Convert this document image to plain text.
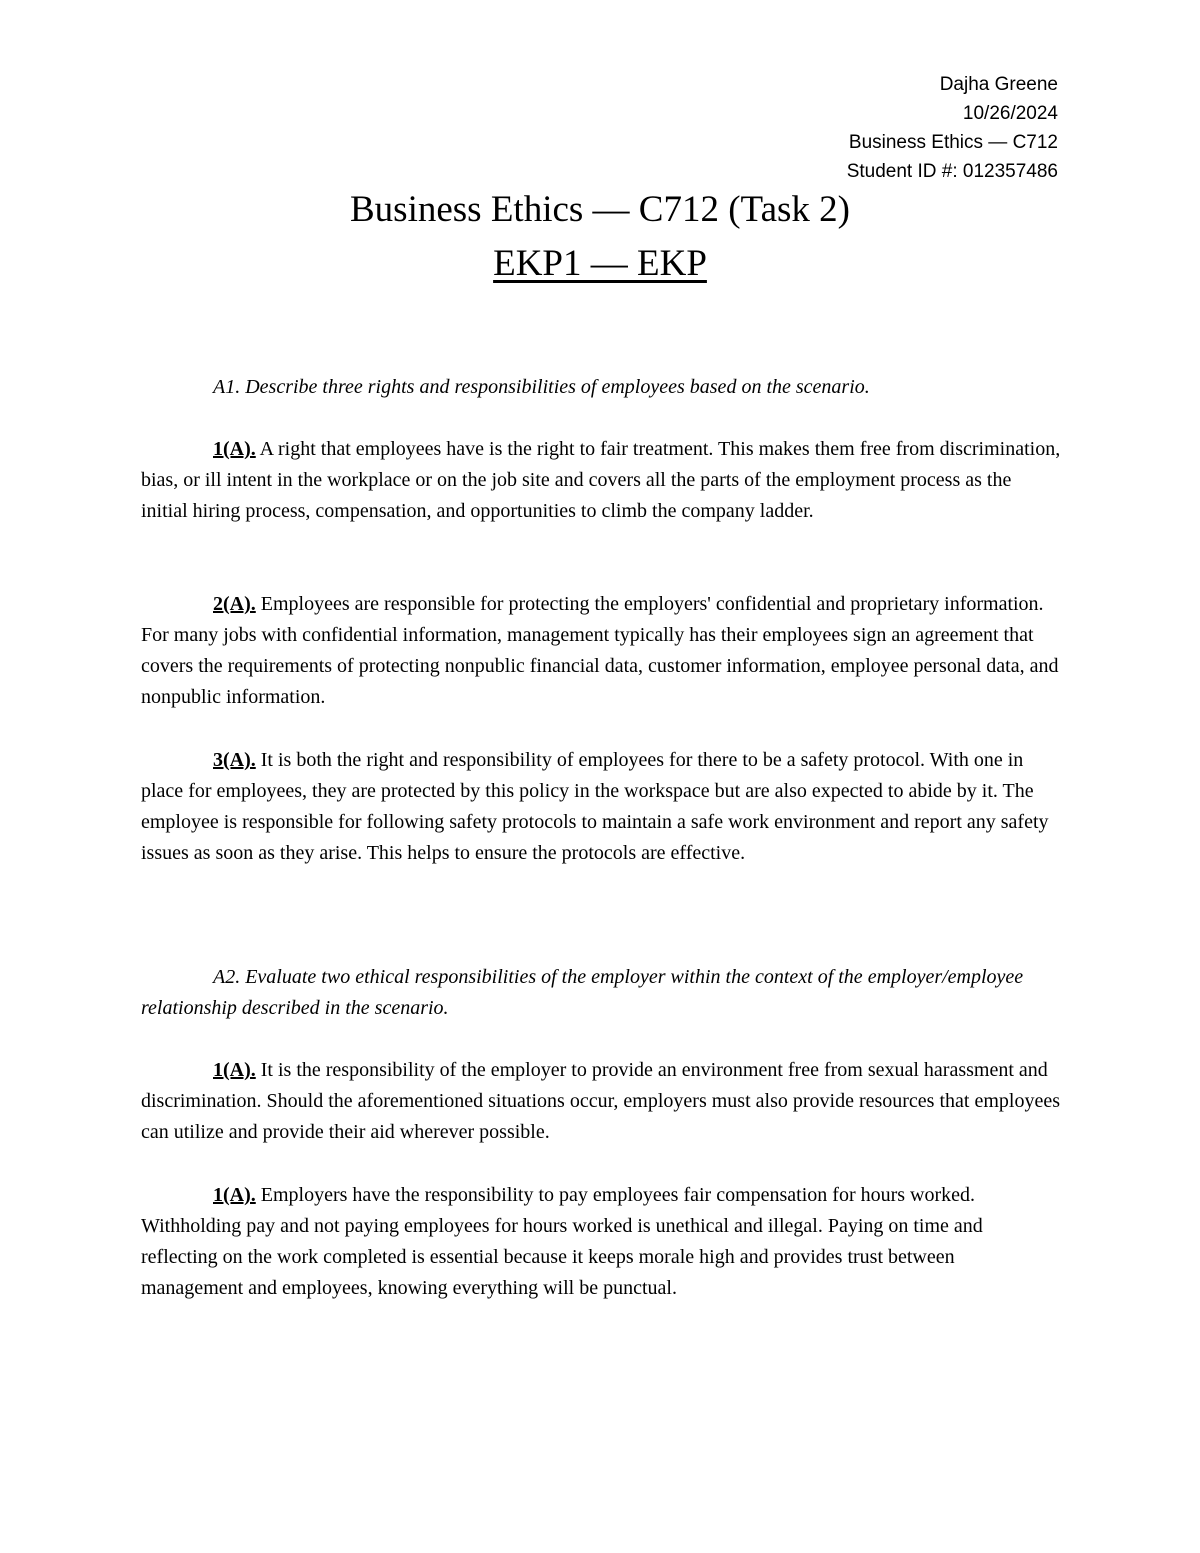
Dajha Greene
10/26/2024
Business Ethics — C712
Student ID #: 012357486
Business Ethics — C712 (Task 2)
EKP1 — EKP

A1. Describe three rights and responsibilities of employees based on the scenario.

1(A). A right that employees have is the right to fair treatment. This makes them free from discrimination, bias, or ill intent in the workplace or on the job site and covers all the parts of the employment process as the initial hiring process, compensation, and opportunities to climb the company ladder.

2(A). Employees are responsible for protecting the employers' confidential and proprietary information. For many jobs with confidential information, management typically has their employees sign an agreement that covers the requirements of protecting nonpublic financial data, customer information, employee personal data, and nonpublic information.

3(A). It is both the right and responsibility of employees for there to be a safety protocol. With one in place for employees, they are protected by this policy in the workspace but are also expected to abide by it. The employee is responsible for following safety protocols to maintain a safe work environment and report any safety issues as soon as they arise. This helps to ensure the protocols are effective.

A2. Evaluate two ethical responsibilities of the employer within the context of the employer/employee relationship described in the scenario.

1(A). It is the responsibility of the employer to provide an environment free from sexual harassment and discrimination. Should the aforementioned situations occur, employers must also provide resources that employees can utilize and provide their aid wherever possible.

1(A). Employers have the responsibility to pay employees fair compensation for hours worked. Withholding pay and not paying employees for hours worked is unethical and illegal. Paying on time and reflecting on the work completed is essential because it keeps morale high and provides trust between management and employees, knowing everything will be punctual.
